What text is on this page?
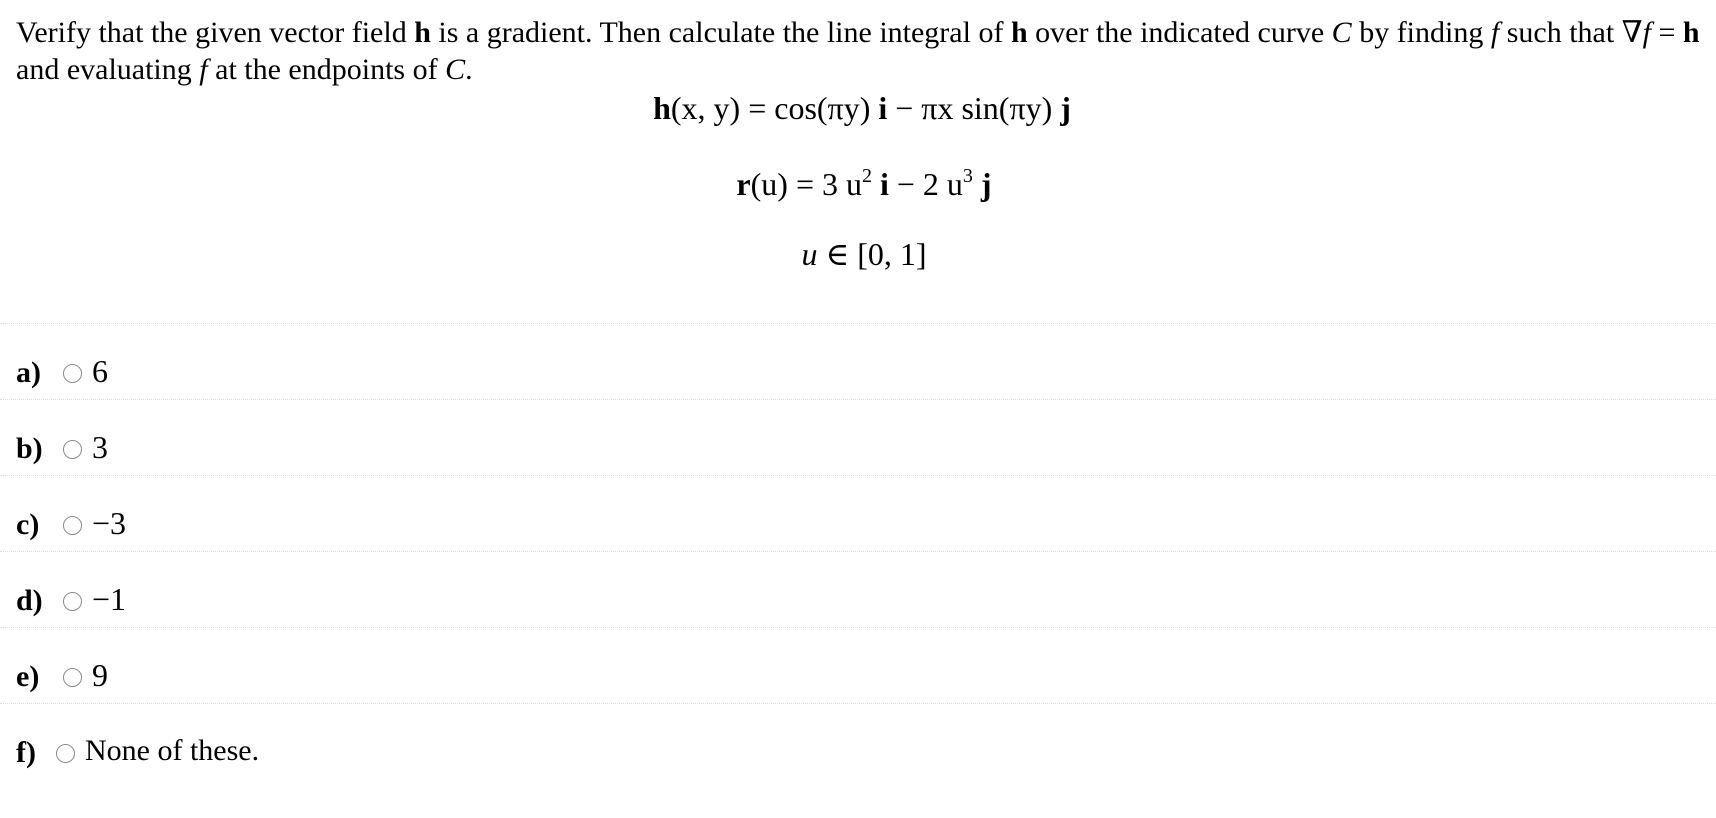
Verify that the given vector field h is a gradient. Then calculate the line integral of h over the indicated curve C by finding f such that ∇f = h and evaluating f at the endpoints of C.
h(x, y) = cos(πy) i − πx sin(πy) j
r(u) = 3 $u^2$ i − 2 $u^3$ j
u ∈ [0, 1]
a) 6
b) 3
c) −3
d) −1
e) 9
f) None of these.
